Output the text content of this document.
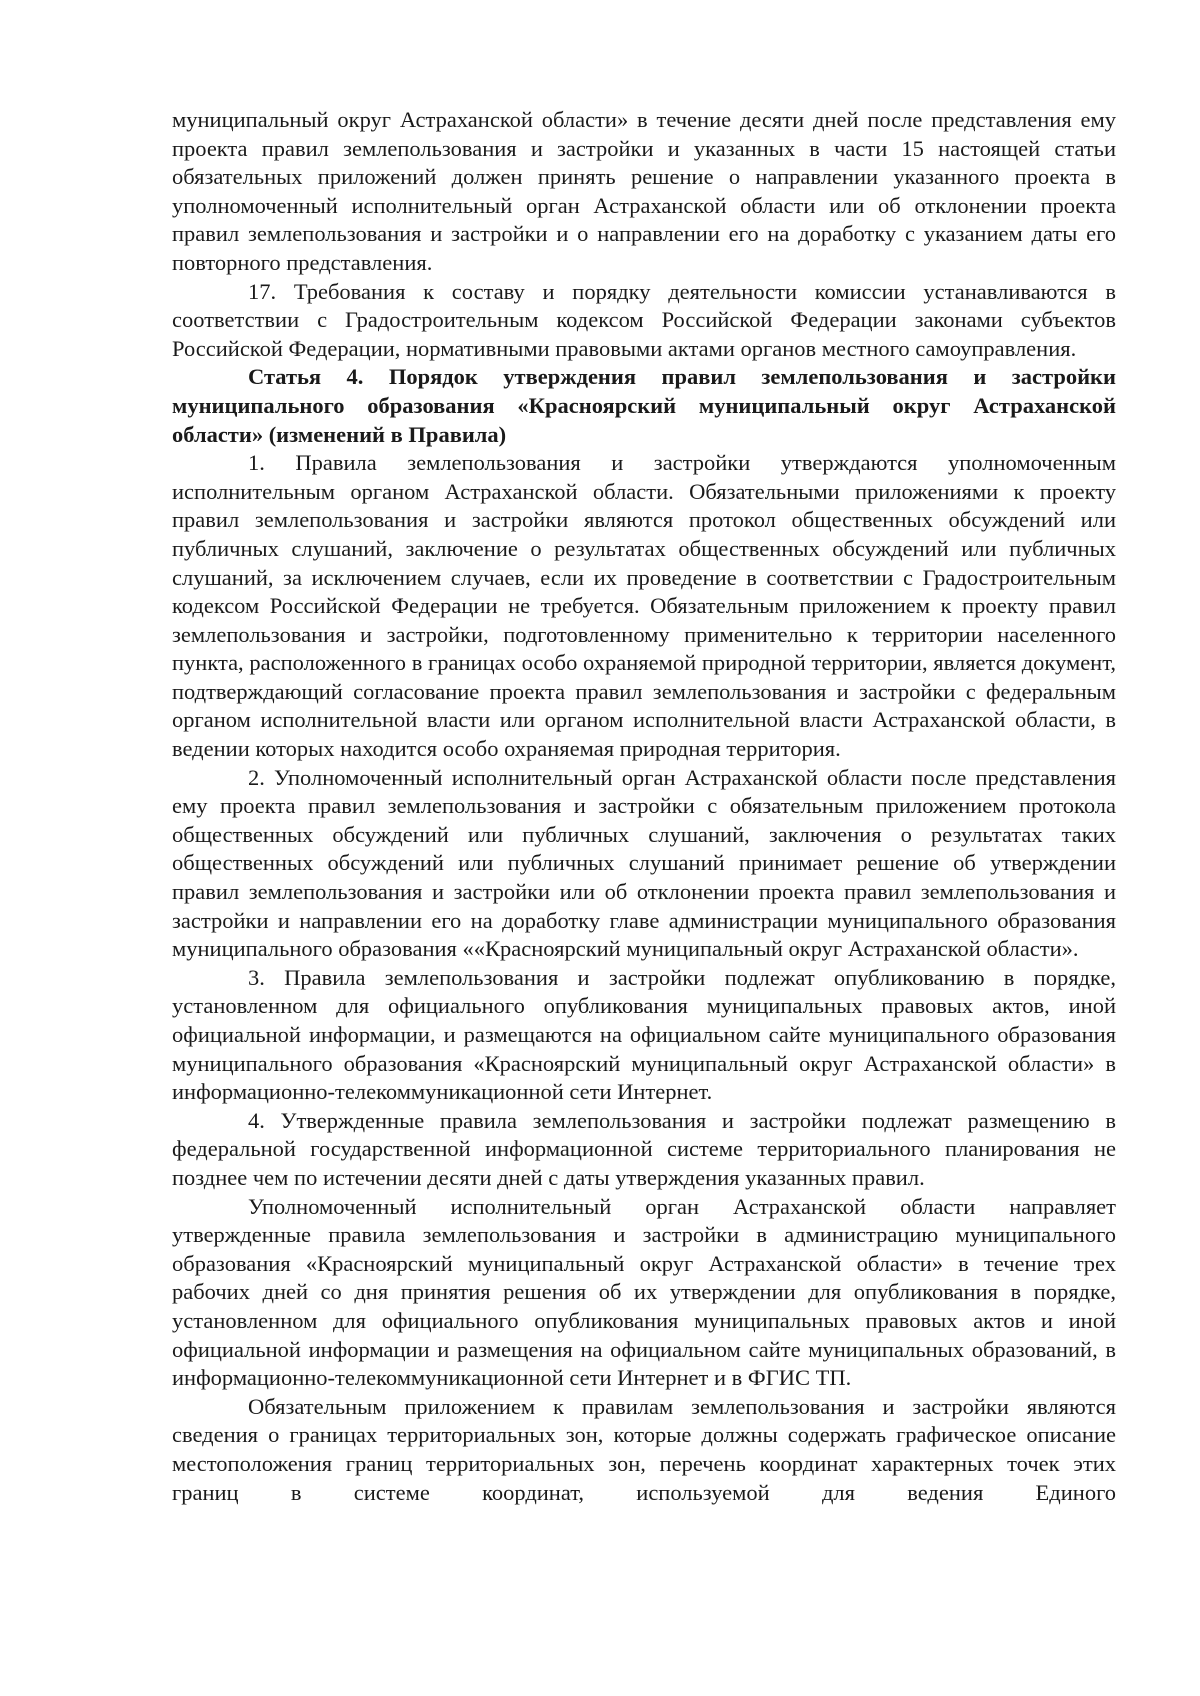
муниципальный округ Астраханской области» в течение десяти дней после представления ему проекта правил землепользования и застройки и указанных в части 15 настоящей статьи обязательных приложений должен принять решение о направлении указанного проекта в уполномоченный исполнительный орган Астраханской области или об отклонении проекта правил землепользования и застройки и о направлении его на доработку с указанием даты его повторного представления.

17. Требования к составу и порядку деятельности комиссии устанавливаются в соответствии с Градостроительным кодексом Российской Федерации законами субъектов Российской Федерации, нормативными правовыми актами органов местного самоуправления.

Статья 4. Порядок утверждения правил землепользования и застройки муниципального образования «Красноярский муниципальный округ Астраханской области» (изменений в Правила)

1. Правила землепользования и застройки утверждаются уполномоченным исполнительным органом Астраханской области. Обязательными приложениями к проекту правил землепользования и застройки являются протокол общественных обсуждений или публичных слушаний, заключение о результатах общественных обсуждений или публичных слушаний, за исключением случаев, если их проведение в соответствии с Градостроительным кодексом Российской Федерации не требуется. Обязательным приложением к проекту правил землепользования и застройки, подготовленному применительно к территории населенного пункта, расположенного в границах особо охраняемой природной территории, является документ, подтверждающий согласование проекта правил землепользования и застройки с федеральным органом исполнительной власти или органом исполнительной власти Астраханской области, в ведении которых находится особо охраняемая природная территория.

2. Уполномоченный исполнительный орган Астраханской области после представления ему проекта правил землепользования и застройки с обязательным приложением протокола общественных обсуждений или публичных слушаний, заключения о результатах таких общественных обсуждений или публичных слушаний принимает решение об утверждении правил землепользования и застройки или об отклонении проекта правил землепользования и застройки и направлении его на доработку главе администрации муниципального образования муниципального образования ««Красноярский муниципальный округ Астраханской области».

3. Правила землепользования и застройки подлежат опубликованию в порядке, установленном для официального опубликования муниципальных правовых актов, иной официальной информации, и размещаются на официальном сайте муниципального образования муниципального образования «Красноярский муниципальный округ Астраханской области» в информационно-телекоммуникационной сети Интернет.

4. Утвержденные правила землепользования и застройки подлежат размещению в федеральной государственной информационной системе территориального планирования не позднее чем по истечении десяти дней с даты утверждения указанных правил.

Уполномоченный исполнительный орган Астраханской области направляет утвержденные правила землепользования и застройки в администрацию муниципального образования «Красноярский муниципальный округ Астраханской области» в течение трех рабочих дней со дня принятия решения об их утверждении для опубликования в порядке, установленном для официального опубликования муниципальных правовых актов и иной официальной информации и размещения на официальном сайте муниципальных образований, в информационно-телекоммуникационной сети Интернет и в ФГИС ТП.

Обязательным приложением к правилам землепользования и застройки являются сведения о границах территориальных зон, которые должны содержать графическое описание местоположения границ территориальных зон, перечень координат характерных точек этих границ в системе координат, используемой для ведения Единого
